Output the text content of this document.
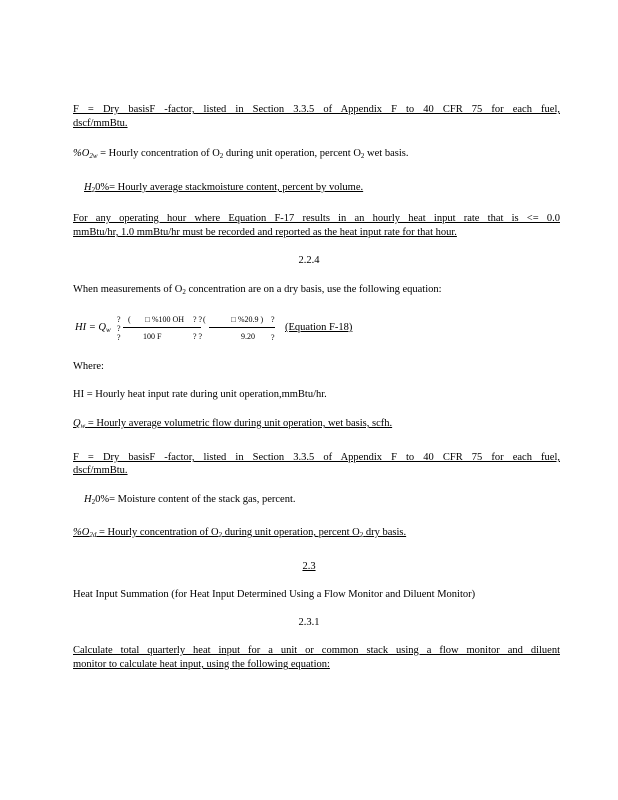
F = Dry basisF -factor, listed in Section 3.3.5 of Appendix F to 40 CFR 75 for each fuel,
dscf/mmBtu.
$\%O_{2w}$ = Hourly concentration of $O_2$ during unit operation, percent $O_2$ wet basis.
$H_20\%=$ Hourly average stackmoisture content, percent by volume.
For any operating hour where Equation F-17 results in an hourly heat input rate that is <= 0.0
mmBtu/hr, 1.0 mmBtu/hr must be recorded and reported as the heat input rate for that hour.
2.2.4
When measurements of $O_2$ concentration are on a dry basis, use the following equation:
HI = $Q_w$
?
?
?
( □ %100 OH
100 F
? ?
? ?
(	□ %20.9 ) ?
9.20 ?
(Equation F-18)
Where:
HI = Hourly heat input rate during unit operation,mmBtu/hr.
$Q_w$ = Hourly average volumetric flow during unit operation, wet basis, scfh.
F = Dry basisF -factor, listed in Section 3.3.5 of Appendix F to 40 CFR 75 for each fuel,
dscf/mmBtu.
$H_20\%=$ Moisture content of the stack gas, percent.
$\%O_{2d}$ = Hourly concentration of $O_2$ during unit operation, percent $O_2$ dry basis.
2.3
Heat Input Summation (for Heat Input Determined Using a Flow Monitor and Diluent Monitor)
2.3.1
Calculate total quarterly heat input for a unit or common stack using a flow monitor and diluent
monitor to calculate heat input, using the following equation:
